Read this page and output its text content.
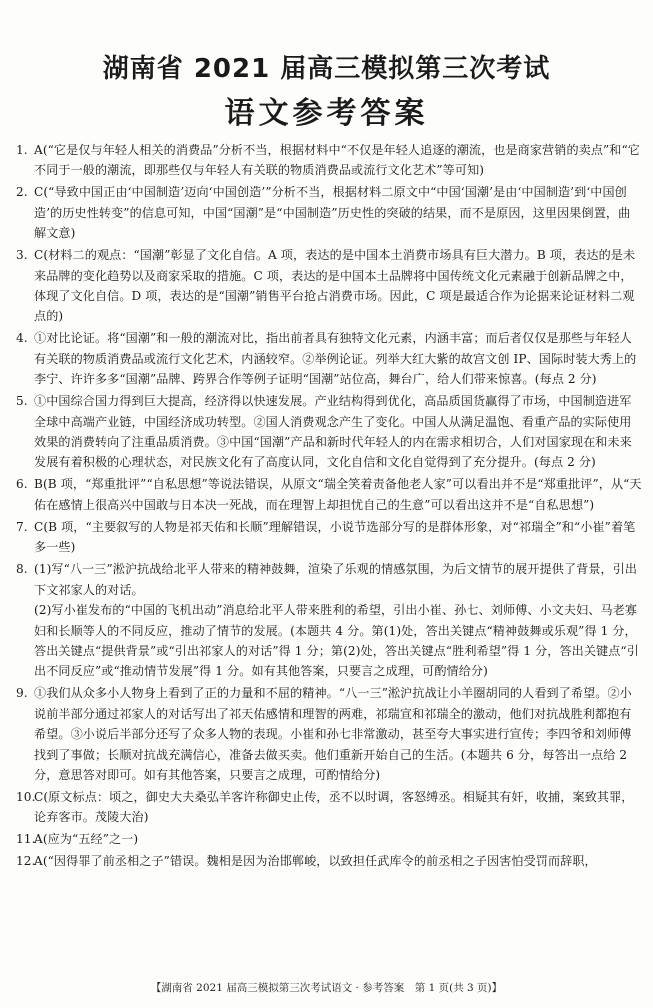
湖南省 2021 届高三模拟第三次考试
语文参考答案
1. A(“它是仅与年轻人相关的消费品”分析不当，根据材料中“不仅是年轻人追逐的潮流，也是商家营销的卖点”和“它不同于一般的潮流，即那些仅与年轻人有关联的物质消费品或流行文化艺术”等可知)
2. C(“导致中国正由‘中国制造’迈向‘中国创造’”分析不当，根据材料二原文中“中国‘国潮’是由‘中国制造’到‘中国创造’的历史性转变”的信息可知，中国“国潮”是“中国制造”历史性的突破的结果，而不是原因，这里因果倒置，曲解文意)
3. C(材料二的观点：“国潮”彰显了文化自信。A 项，表达的是中国本土消费市场具有巨大潜力。B 项，表达的是未来品牌的变化趋势以及商家采取的措施。C 项，表达的是中国本土品牌将中国传统文化元素融于创新品牌之中，体现了文化自信。D 项，表达的是“国潮”销售平台抢占消费市场。因此，C 项是最适合作为论据来论证材料二观点的)
4. ①对比论证。将“国潮”和一般的潮流对比，指出前者具有独特文化元素，内涵丰富；而后者仅仅是那些与年轻人有关联的物质消费品或流行文化艺术，内涵较窄。②举例论证。列举大红大紫的故宫文创 IP、国际时装大秀上的李宁、许许多多“国潮”品牌、跨界合作等例子证明“国潮”站位高，舞台广，给人们带来惊喜。(每点 2 分)
5. ①中国综合国力得到巨大提高，经济得以快速发展。产业结构得到优化，高品质国货赢得了市场，中国制造进军全球中高端产业链，中国经济成功转型。②国人消费观念产生了变化。中国人从满足温饱、看重产品的实际使用效果的消费转向了注重品质消费。③中国“国潮”产品和新时代年轻人的内在需求相切合，人们对国家现在和未来发展有着积极的心理状态，对民族文化有了高度认同，文化自信和文化自觉得到了充分提升。(每点 2 分)
6. B(B 项，“郑重批评”“自私思想”等说法错误，从原文“瑞全笑着责备他老人家”可以看出并不是“郑重批评”，从“天佑在感情上很高兴中国敢与日本决一死战，而在理智上却担忧自己的生意”可以看出这并不是“自私思想”)
7. C(B 项，“主要叙写的人物是祁天佑和长顺”理解错误，小说节选部分写的是群体形象，对“祁瑞全”和“小崔”着笔多一些)
8. (1)写“八一三”淞沪抗战给北平人带来的精神鼓舞，渲染了乐观的情感氛围，为后文情节的展开提供了背景，引出下文祁家人的对话。

(2)写小崔发布的“中国的飞机出动”消息给北平人带来胜利的希望，引出小崔、孙七、刘师傅、小文夫妇、马老寡妇和长顺等人的不同反应，推动了情节的发展。(本题共 4 分。第(1)处，答出关键点“精神鼓舞或乐观”得 1 分，答出关键点“提供背景”或“引出祁家人的对话”得 1 分；第(2)处，答出关键点“胜利希望”得 1 分，答出关键点“引出不同反应”或“推动情节发展”得 1 分。如有其他答案，只要言之成理，可酌情给分)

9. ①我们从众多小人物身上看到了正的力量和不屈的精神。“八一三”淞沪抗战让小羊圈胡同的人看到了希望。②小说前半部分通过祁家人的对话写出了祁天佑感情和理智的两难，祁瑞宣和祁瑞全的激动，他们对抗战胜利都抱有希望。③小说后半部分还写了众多人物的表现。小崔和孙七非常激动，甚至夸大事实进行宣传；李四爷和刘师傅找到了事做；长顺对抗战充满信心，准备去做买卖。他们重新开始自己的生活。(本题共 6 分，每答出一点给 2 分，意思答对即可。如有其他答案，只要言之成理，可酌情给分)
10.
C(原文标点：顷之，御史大夫桑弘羊客许称御史止传，丞不以时调，客怒缚丞。相疑其有奸，收捕，案致其罪，论弃客市。茂陵大治)
11.
A(应为“五经”之一)
12.
A(“因得罪了前丞相之子”错误。魏相是因为治邯郸峻，以致担任武库令的前丞相之子因害怕受罚而辞职，
【湖南省 2021 届高三模拟第三次考试语文 · 参考答案　第 1 页(共 3 页)】
